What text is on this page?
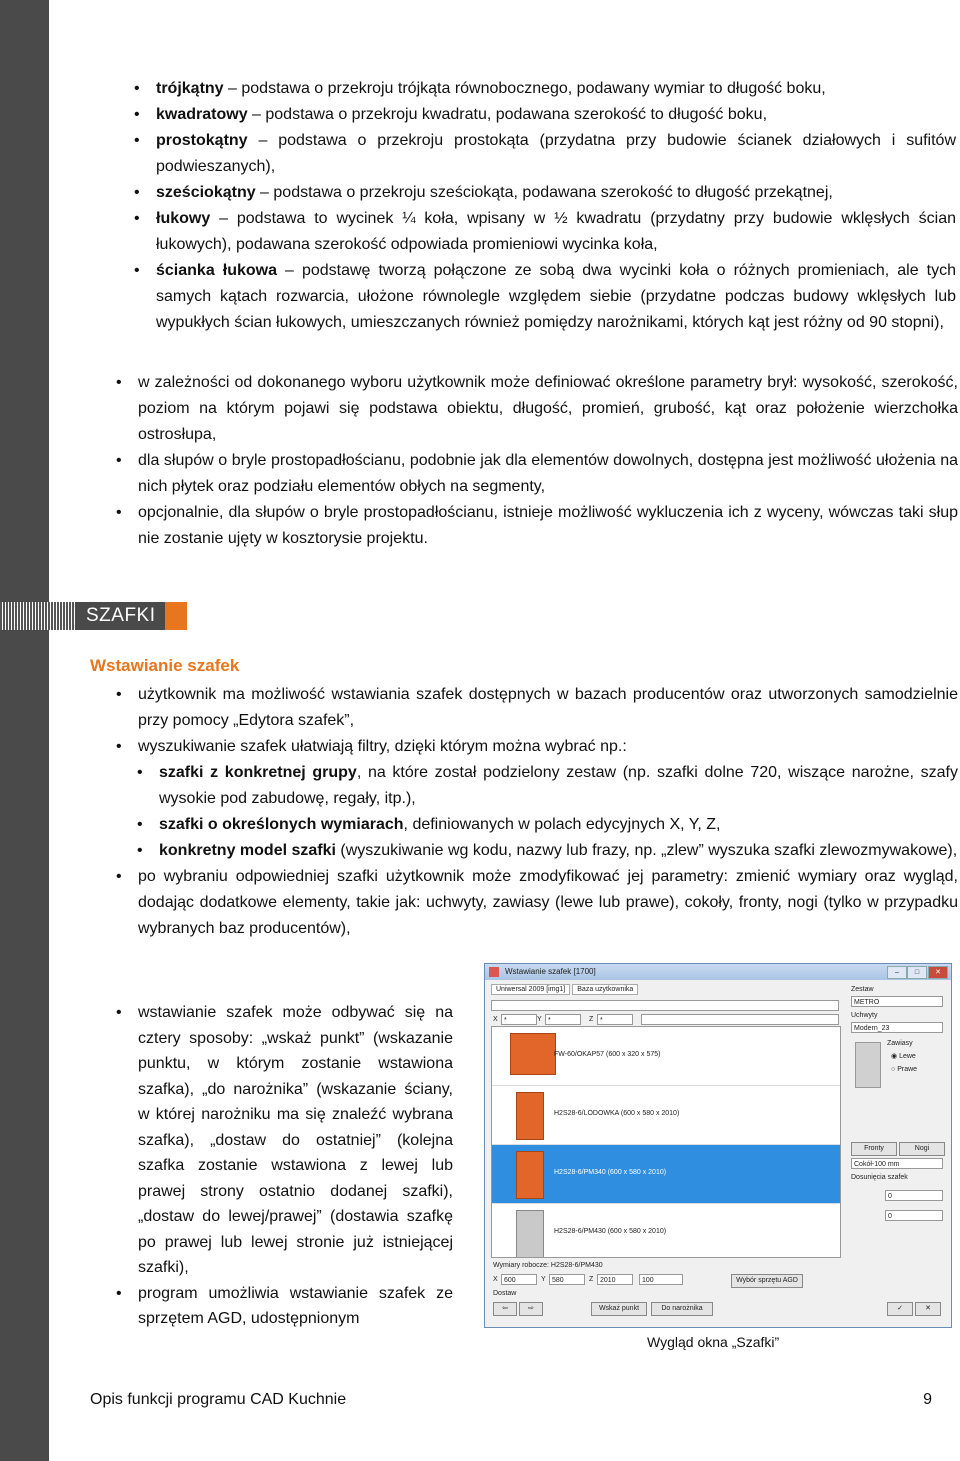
• trójkątny – podstawa o przekroju trójkąta równobocznego, podawany wymiar to długość boku,
• kwadratowy – podstawa o przekroju kwadratu, podawana szerokość to długość boku,
• prostokątny – podstawa o przekroju prostokąta (przydatna przy budowie ścianek działowych i sufitów podwieszanych),
• sześciokątny – podstawa o przekroju sześciokąta, podawana szerokość to długość przekątnej,
• łukowy – podstawa to wycinek ¼ koła, wpisany w ½ kwadratu (przydatny przy budowie wklęsłych ścian łukowych), podawana szerokość odpowiada promieniowi wycinka koła,
• ścianka łukowa – podstawę tworzą połączone ze sobą dwa wycinki koła o różnych promieniach, ale tych samych kątach rozwarcia, ułożone równolegle względem siebie (przydatne podczas budowy wklęsłych lub wypukłych ścian łukowych, umieszczanych również pomiędzy narożnikami, których kąt jest różny od 90 stopni),
• w zależności od dokonanego wyboru użytkownik może definiować określone parametry brył: wysokość, szerokość, poziom na którym pojawi się podstawa obiektu, długość, promień, grubość, kąt oraz położenie wierzchołka ostrosłupa,
• dla słupów o bryle prostopadłościanu, podobnie jak dla elementów dowolnych, dostępna jest możliwość ułożenia na nich płytek oraz podziału elementów obłych na segmenty,
• opcjonalnie, dla słupów o bryle prostopadłościanu, istnieje możliwość wykluczenia ich z wyceny, wówczas taki słup nie zostanie ujęty w kosztorysie projektu.
SZAFKI
Wstawianie szafek
• użytkownik ma możliwość wstawiania szafek dostępnych w bazach producentów oraz utworzonych samodzielnie przy pomocy „Edytora szafek”,
• wyszukiwanie szafek ułatwiają filtry, dzięki którym można wybrać np.:
• szafki z konkretnej grupy, na które został podzielony zestaw (np. szafki dolne 720, wiszące narożne, szafy wysokie pod zabudowę, regały, itp.),
• szafki o określonych wymiarach, definiowanych w polach edycyjnych X, Y, Z,
• konkretny model szafki (wyszukiwanie wg kodu, nazwy lub frazy, np. „zlew” wyszuka szafki zlewozmywakowe),
• po wybraniu odpowiedniej szafki użytkownik może zmodyfikować jej parametry: zmienić wymiary oraz wygląd, dodając dodatkowe elementy, takie jak: uchwyty, zawiasy (lewe lub prawe), cokoły, fronty, nogi (tylko w przypadku wybranych baz producentów),
• wstawianie szafek może odbywać się na cztery sposoby: „wskaż punkt” (wskazanie punktu, w którym zostanie wstawiona szafka), „do narożnika” (wskazanie ściany, w której narożniku ma się znaleźć wybrana szafka), „dostaw do ostatniej” (kolejna szafka zostanie wstawiona z lewej lub prawej strony ostatnio dodanej szafki), „dostaw do lewej/prawej” (dostawia szafkę po prawej lub lewej stronie już istniejącej szafki),
• program umożliwia wstawianie szafek ze sprzętem AGD, udostępnionym
Wstawianie szafek [1700]	–	□	✕
Uniwersal 2009 [img1] Baza uzytkownika
X *	Y *	Z *
FW-60/OKAP57 (600 x 320 x 575)
H2S28-6/LODOWKA (600 x 580 x 2010)
H2S28-6/PM340 (600 x 580 x 2010)
H2S28-6/PM430 (600 x 580 x 2010)
Zestaw
METRO
Uchwyty
Modern_23
Zawiasy
◉ Lewe
○ Prawe
Fronty	Nogi
Cokół-100 mm
Dosunięcia szafek
0
0
Wymiary robocze: H2S28-6/PM430
X 600	Y 580	Z 2010	100	Wybór sprzętu AGD
Dostaw
⇦	⇨	Wskaż punkt	Do narożnika	✓	✕
Wygląd okna „Szafki”
Opis funkcji programu CAD Kuchnie	9
